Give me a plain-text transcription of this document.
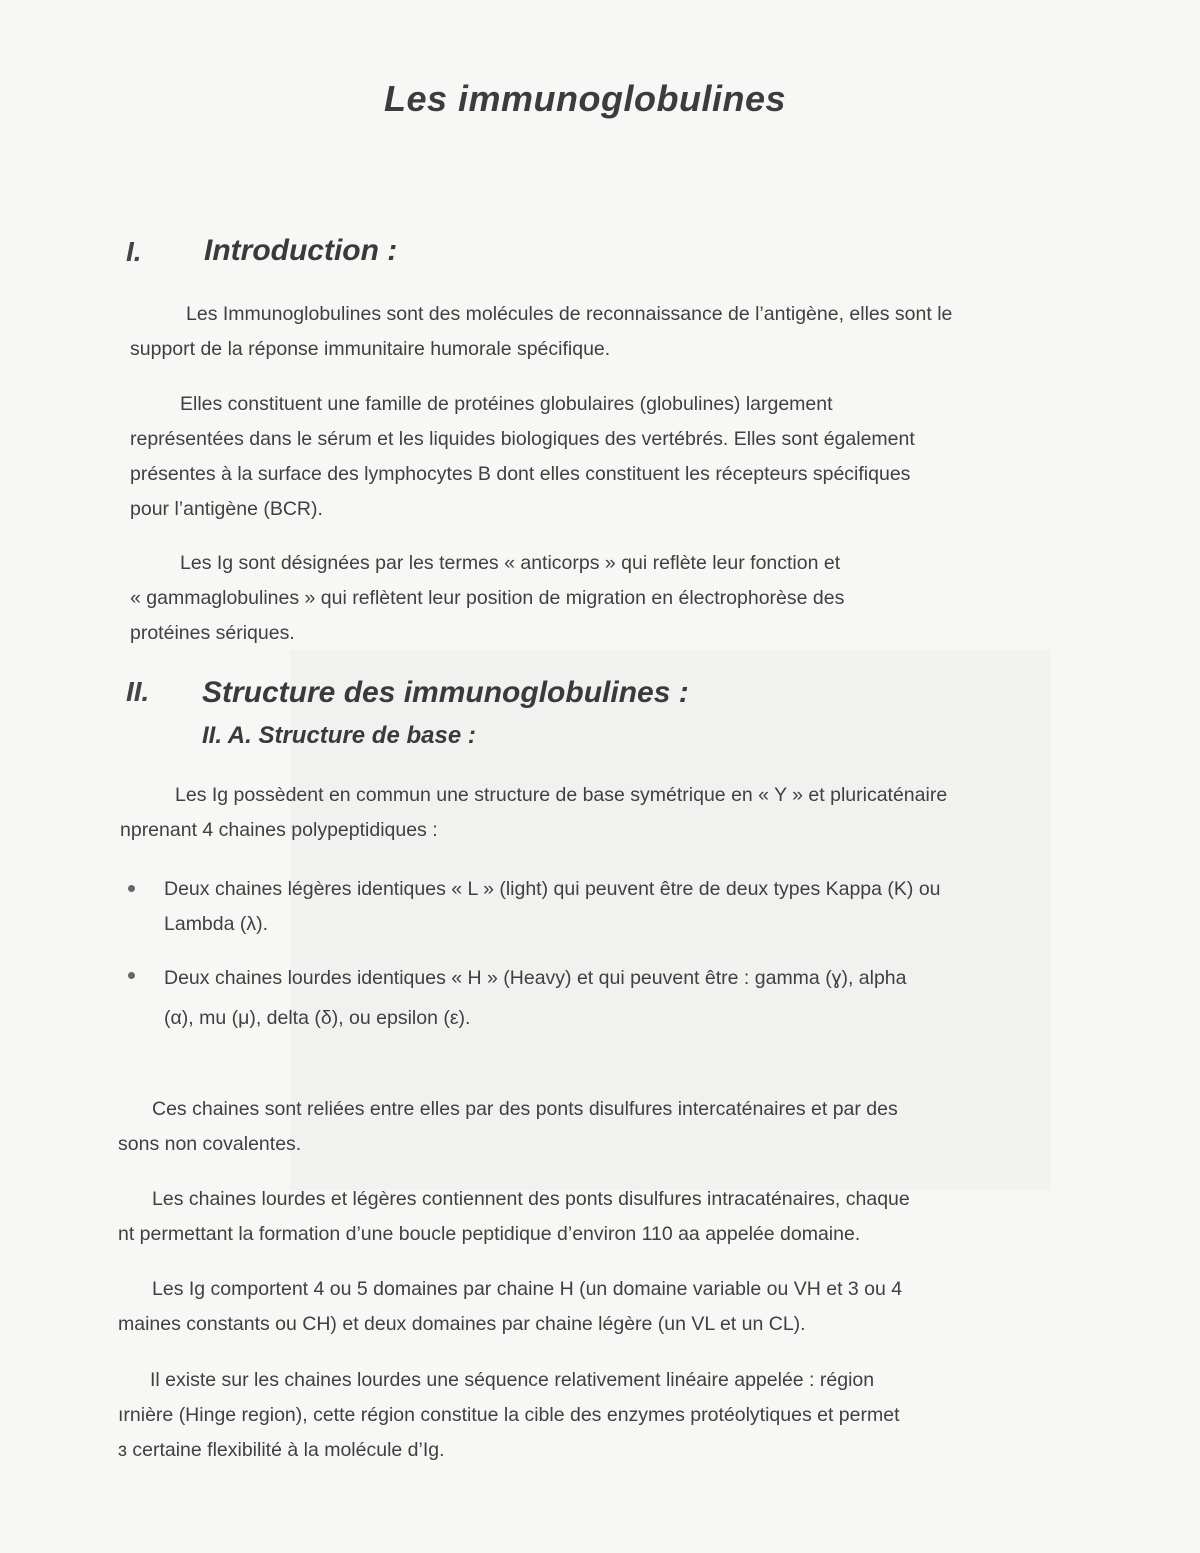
Les immunoglobulines
I. Introduction :
Les Immunoglobulines sont des molécules de reconnaissance de l’antigène, elles sont le
support de la réponse immunitaire humorale spécifique.
Elles constituent une famille de protéines globulaires (globulines) largement
représentées dans le sérum et les liquides biologiques des vertébrés. Elles sont également
présentes à la surface des lymphocytes B dont elles constituent les récepteurs spécifiques
pour l’antigène (BCR).
Les Ig sont désignées par les termes « anticorps » qui reflète leur fonction et
« gammaglobulines » qui reflètent leur position de migration en électrophorèse des
protéines sériques.
II. Structure des immunoglobulines :
II. A. Structure de base :
Les Ig possèdent en commun une structure de base symétrique en « Y » et pluricaténaire
nprenant 4 chaines polypeptidiques :
Deux chaines légères identiques « L » (light) qui peuvent être de deux types Kappa (K) ou
Lambda (λ).
Deux chaines lourdes identiques « H » (Heavy) et qui peuvent être : gamma (ɣ), alpha
(α), mu (μ), delta (δ), ou epsilon (ε).
Ces chaines sont reliées entre elles par des ponts disulfures intercaténaires et par des
sons non covalentes.
Les chaines lourdes et légères contiennent des ponts disulfures intracaténaires, chaque
nt permettant la formation d’une boucle peptidique d’environ 110 aa appelée domaine.
Les Ig comportent 4 ou 5 domaines par chaine H (un domaine variable ou VH et 3 ou 4
maines constants ou CH) et deux domaines par chaine légère (un VL et un CL).
Il existe sur les chaines lourdes une séquence relativement linéaire appelée : région
ırnière (Hinge region), cette région constitue la cible des enzymes protéolytiques et permet
ɜ certaine flexibilité à la molécule d’Ig.
